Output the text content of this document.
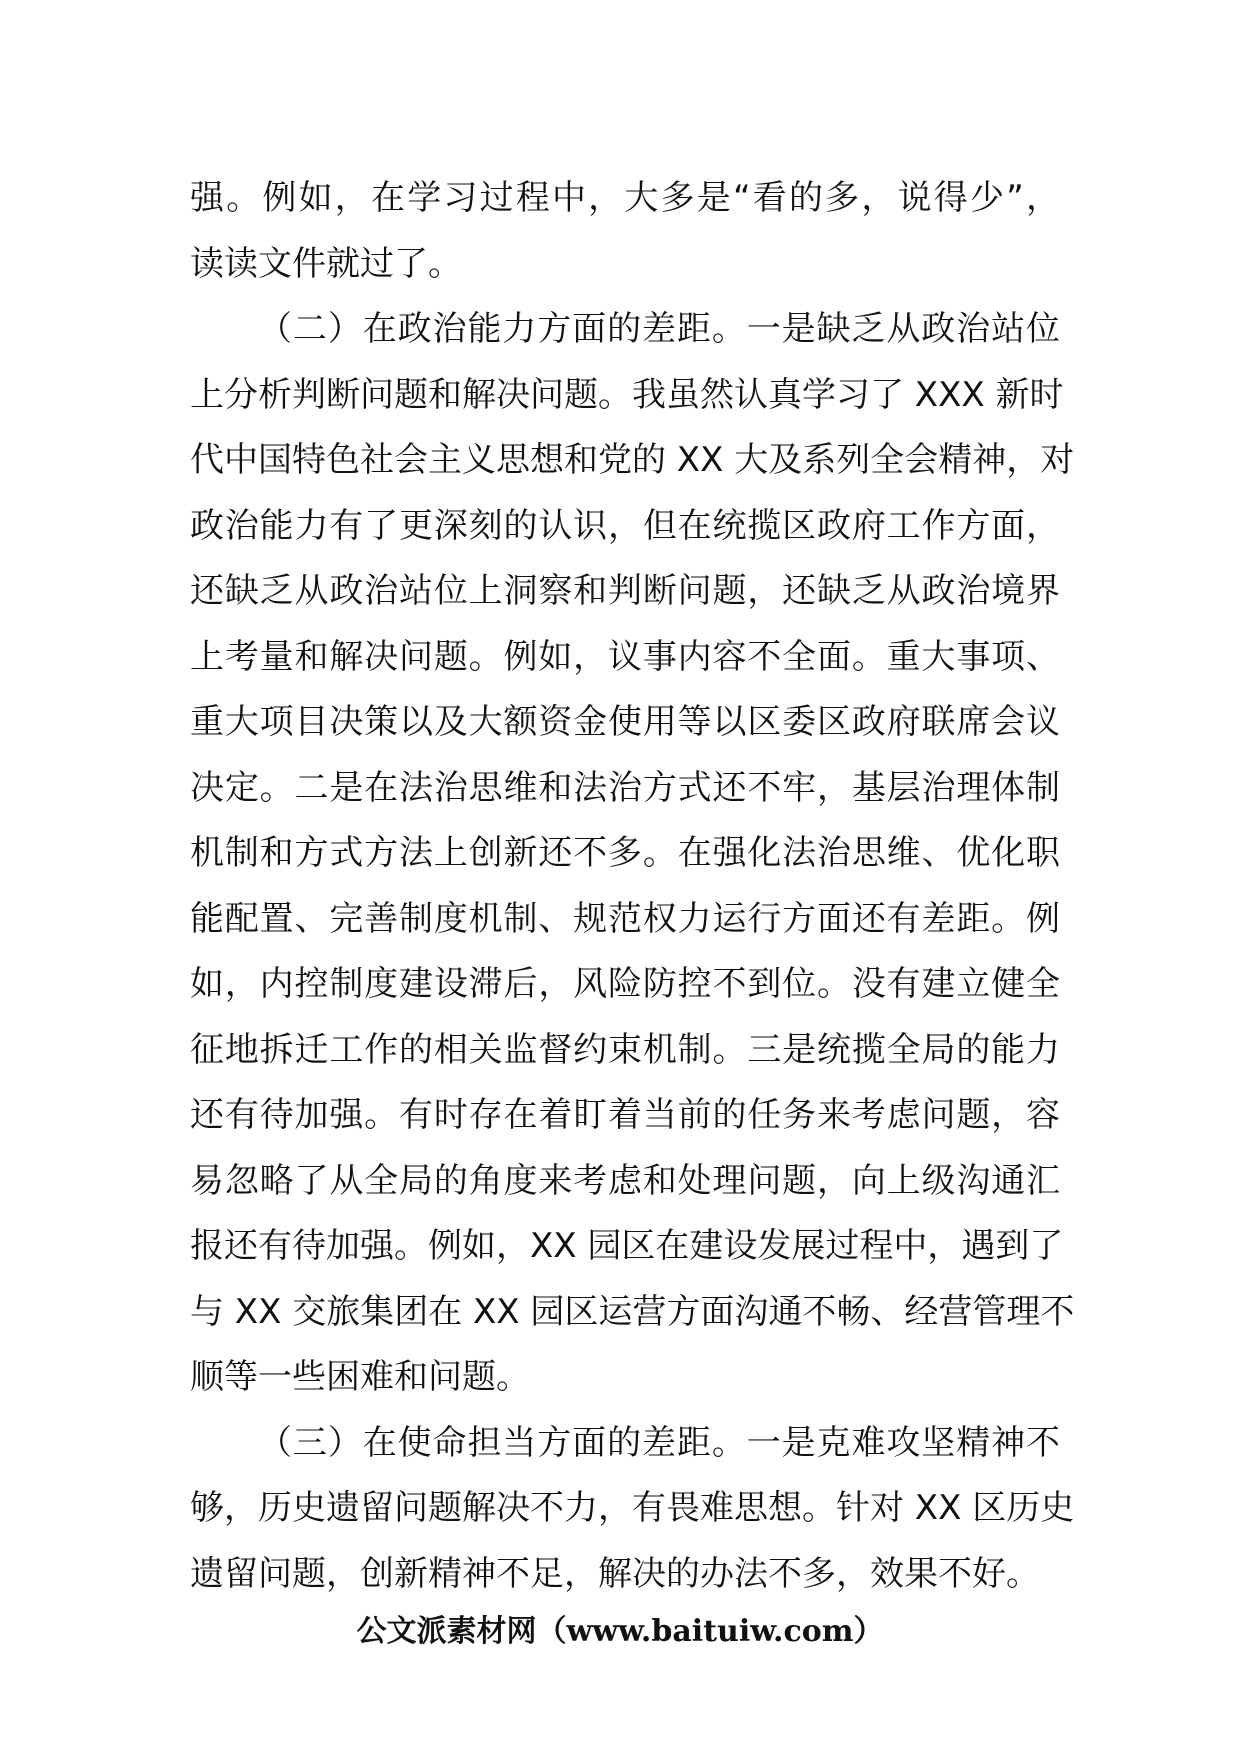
强。例如，在学习过程中，大多是“看的多，说得少”，
读读文件就过了。
（二）在政治能力方面的差距。一是缺乏从政治站位
上分析判断问题和解决问题。我虽然认真学习了 XXX 新时
代中国特色社会主义思想和党的 XX 大及系列全会精神，对
政治能力有了更深刻的认识，但在统揽区政府工作方面，
还缺乏从政治站位上洞察和判断问题，还缺乏从政治境界
上考量和解决问题。例如，议事内容不全面。重大事项、
重大项目决策以及大额资金使用等以区委区政府联席会议
决定。二是在法治思维和法治方式还不牢，基层治理体制
机制和方式方法上创新还不多。在强化法治思维、优化职
能配置、完善制度机制、规范权力运行方面还有差距。例
如，内控制度建设滞后，风险防控不到位。没有建立健全
征地拆迁工作的相关监督约束机制。三是统揽全局的能力
还有待加强。有时存在着盯着当前的任务来考虑问题，容
易忽略了从全局的角度来考虑和处理问题，向上级沟通汇
报还有待加强。例如，XX 园区在建设发展过程中，遇到了
与 XX 交旅集团在 XX 园区运营方面沟通不畅、经营管理不
顺等一些困难和问题。
（三）在使命担当方面的差距。一是克难攻坚精神不
够，历史遗留问题解决不力，有畏难思想。针对 XX 区历史
遗留问题，创新精神不足，解决的办法不多，效果不好。
公文派素材网（www.baituiw.com）
